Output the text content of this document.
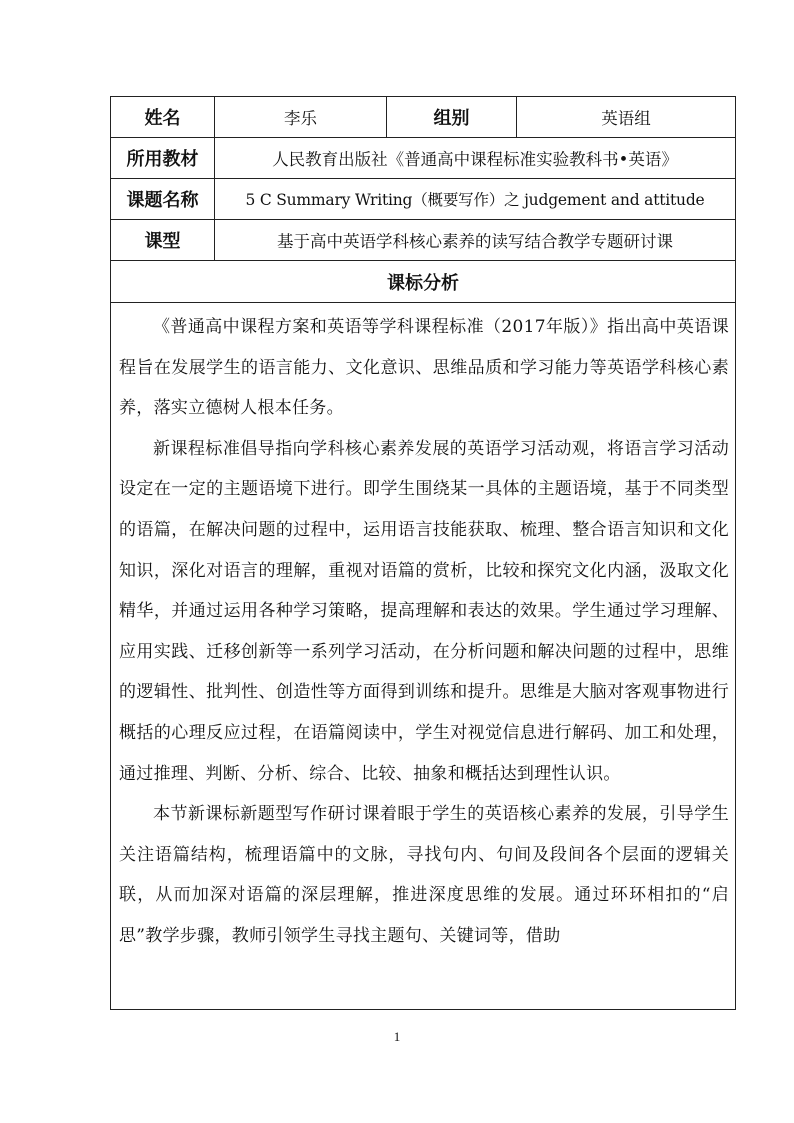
姓名	李乐	组别	英语组
所用教材	人民教育出版社《普通高中课程标准实验教科书•英语》		
课题名称	5 C Summary Writing（概要写作）之 judgement and attitude		
课型	基于高中英语学科核心素养的读写结合教学专题研讨课		
课标分析			

《普通高中课程方案和英语等学科课程标准（2017年版）》指出高中英语课程旨在发展学生的语言能力、文化意识、思维品质和学习能力等英语学科核心素养，落实立德树人根本任务。

新课程标准倡导指向学科核心素养发展的英语学习活动观，将语言学习活动设定在一定的主题语境下进行。即学生围绕某一具体的主题语境，基于不同类型的语篇，在解决问题的过程中，运用语言技能获取、梳理、整合语言知识和文化知识，深化对语言的理解，重视对语篇的赏析，比较和探究文化内涵，汲取文化精华，并通过运用各种学习策略，提高理解和表达的效果。学生通过学习理解、应用实践、迁移创新等一系列学习活动，在分析问题和解决问题的过程中，思维的逻辑性、批判性、创造性等方面得到训练和提升。思维是大脑对客观事物进行概括的心理反应过程，在语篇阅读中，学生对视觉信息进行解码、加工和处理，通过推理、判断、分析、综合、比较、抽象和概括达到理性认识。

本节新课标新题型写作研讨课着眼于学生的英语核心素养的发展，引导学生关注语篇结构，梳理语篇中的文脉，寻找句内、句间及段间各个层面的逻辑关联，从而加深对语篇的深层理解，推进深度思维的发展。通过环环相扣的“启思”教学步骤，教师引领学生寻找主题句、关键词等，借助			

1
